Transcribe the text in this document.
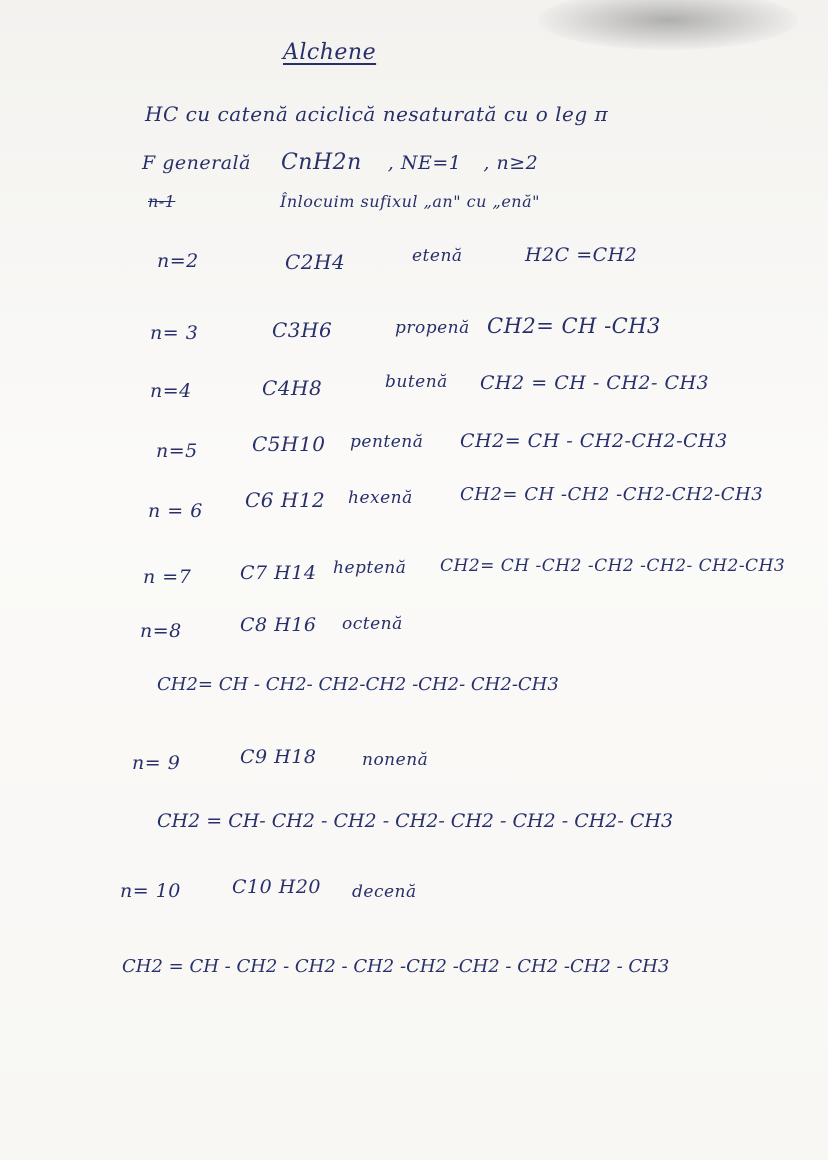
Alchene
HC cu catenă aciclică nesaturată cu o leg π
F generală CnH2n , NE=1 , n≥2
n-1	Înlocuim sufixul „an" cu „enă"
n=2	C2H4	etenă	H2C =CH2
n= 3	C3H6	propenă CH2= CH -CH3
n=4	C4H8	butenă CH2 = CH - CH2- CH3
n=5	C5H10 pentenă CH2= CH - CH2-CH2-CH3
n = 6 C6 H12 hexenă	CH2= CH -CH2 -CH2-CH2-CH3
n =7	C7 H14 heptenă CH2= CH -CH2 -CH2 -CH2- CH2-CH3
n=8	C8 H16 octenă
CH2= CH - CH2- CH2-CH2 -CH2- CH2-CH3
n= 9	C9 H18	nonenă
CH2 = CH- CH2 - CH2 - CH2- CH2 - CH2 - CH2- CH3
n= 10	C10 H20 decenă
CH2 = CH - CH2 - CH2 - CH2 -CH2 -CH2 - CH2 -CH2 - CH3
